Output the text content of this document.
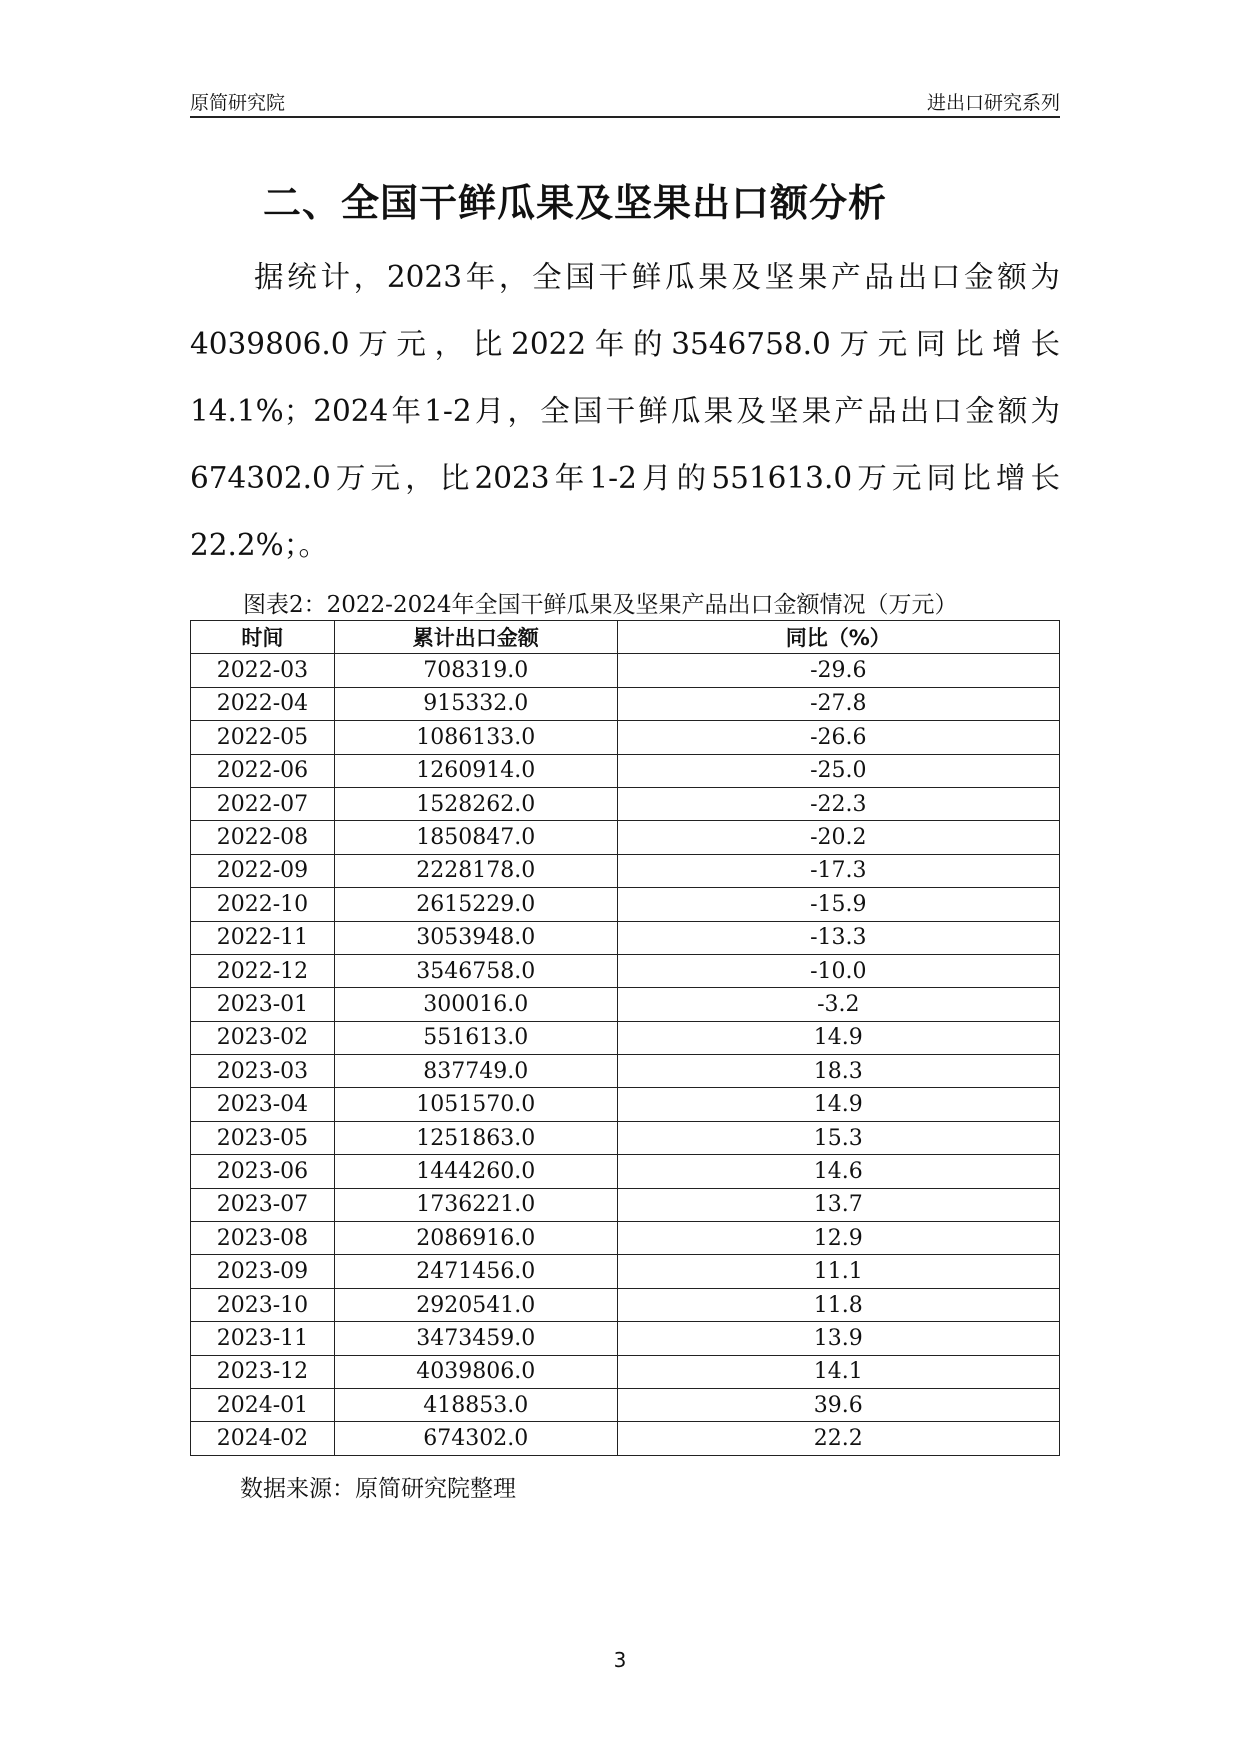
原简研究院	进出口研究系列
二、全国干鲜瓜果及坚果出口额分析
据统计，2023年，全国干鲜瓜果及坚果产品出口金额为4039806.0万元，比2022年的3546758.0万元同比增长14.1%；2024年1-2月，全国干鲜瓜果及坚果产品出口金额为674302.0万元，比2023年1-2月的551613.0万元同比增长22.2%；。
图表2：2022-2024年全国干鲜瓜果及坚果产品出口金额情况（万元）
时间	累计出口金额	同比（%）
2022-03	708319.0	-29.6
2022-04	915332.0	-27.8
2022-05	1086133.0	-26.6
2022-06	1260914.0	-25.0
2022-07	1528262.0	-22.3
2022-08	1850847.0	-20.2
2022-09	2228178.0	-17.3
2022-10	2615229.0	-15.9
2022-11	3053948.0	-13.3
2022-12	3546758.0	-10.0
2023-01	300016.0	-3.2
2023-02	551613.0	14.9
2023-03	837749.0	18.3
2023-04	1051570.0	14.9
2023-05	1251863.0	15.3
2023-06	1444260.0	14.6
2023-07	1736221.0	13.7
2023-08	2086916.0	12.9
2023-09	2471456.0	11.1
2023-10	2920541.0	11.8
2023-11	3473459.0	13.9
2023-12	4039806.0	14.1
2024-01	418853.0	39.6
2024-02	674302.0	22.2
数据来源：原简研究院整理
3
